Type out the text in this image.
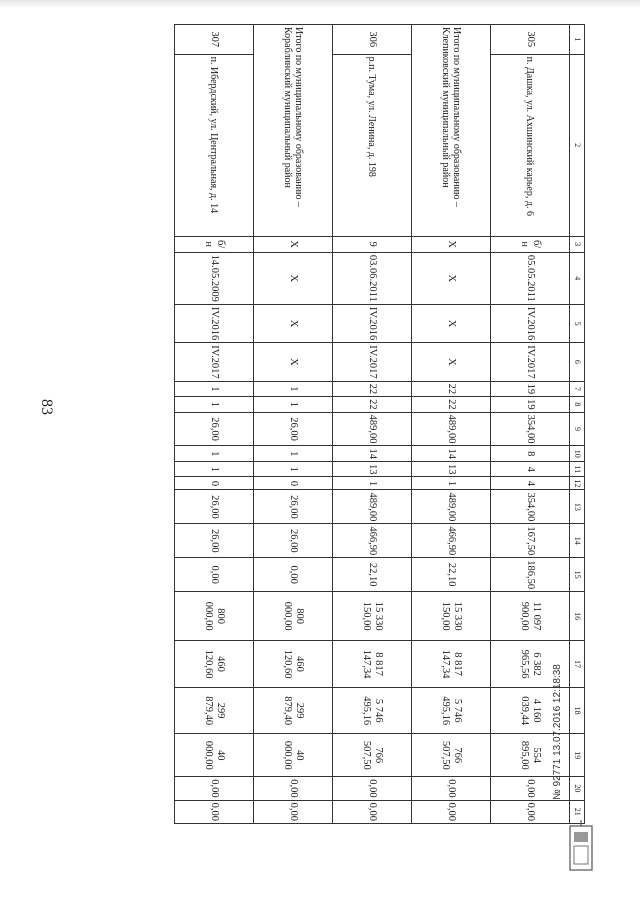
83
1	2	3	4	5	6	7	8	9	10	11	12	13	14	15	16	17	18	19	20	21
305	п. Дашка, ул. Ахшинский карьер, д. 6	б/н	05.05.2011	IV.2016	IV.2017	19	19	354,00	8	4	4	354,00	167,50	186,50	11 097 900,00	6 382 965,56	4 160 039,44	554 895,00	0,00	0,00
Итого по муниципальному образованию – Клепиковский муниципальный район		X	X	X	X	22	22	489,00	14	13	1	489,00	466,90	22,10	15 330 150,00	8 817 147,34	5 746 495,16	766 507,50	0,00	0,00
306	р.п. Тума, ул. Ленина, д. 198	9	03.06.2011	IV.2016	IV.2017	22	22	489,00	14	13	1	489,00	466,90	22,10	15 330 150,00	8 817 147,34	5 746 495,16	766 507,50	0,00	0,00
Итого по муниципальному образованию – Кораблинский муниципальный район		X	X	X	X	1	1	26,00	1	1	0	26,00	26,00	0,00	800 000,00	460 120,60	299 879,40	40 000,00	0,00	0,00
307	п. Ибердский, ул. Центральная, д. 14	б/н	14.05.2009	IV.2016	IV.2017	1	1	26,00	1	1	0	26,00	26,00	0,00	800 000,00	460 120,60	299 879,40	40 000,00	0,00	0,00
№ 92771 13.07.2016 12:18:38
